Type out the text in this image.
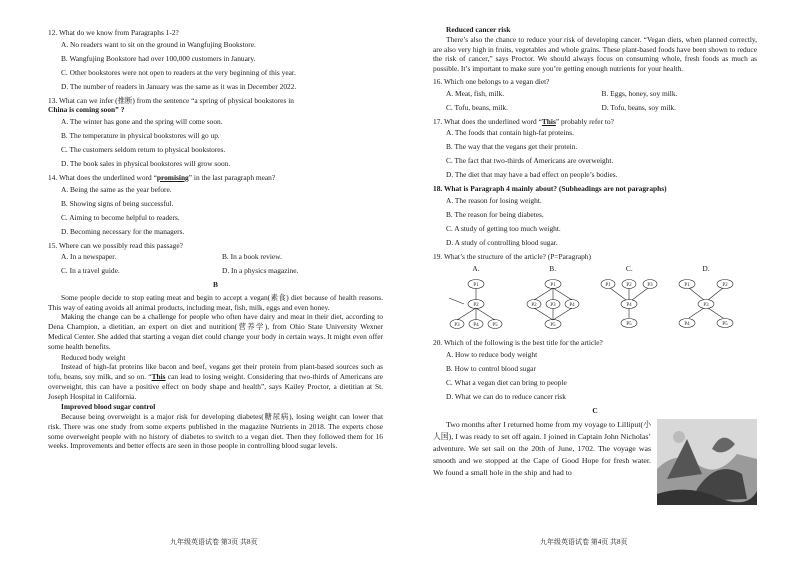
12. What do we know from Paragraphs 1-2?
A. No readers want to sit on the ground in Wangfujing Bookstore.
B. Wangfujing Bookstore had over 100,000 customers in January.
C. Other bookstores were not open to readers at the very beginning of this year.
D. The number of readers in January was the same as it was in December 2022.
13. What can we infer (推断) from the sentence “a spring of physical bookstores in
China is coming soon” ?
A. The winter has gone and the spring will come soon.
B. The temperature in physical bookstores will go up.
C. The customers seldom return to physical bookstores.
D. The book sales in physical bookstores will grow soon.
14. What does the underlined word “promising” in the last paragraph mean?
A. Being the same as the year before.
B. Showing signs of being successful.
C. Aiming to become helpful to readers.
D. Becoming necessary for the managers.
15. Where can we possibly read this passage?
A. In a newspaper.	B. In a book review.
C. In a travel guide.	D. In a physics magazine.
B

Some people decide to stop eating meat and begin to accept a vegan(素食) diet because of health reasons. This way of eating avoids all animal products, including meat, fish, milk, eggs and even honey.

Making the change can be a challenge for people who often have dairy and meat in their diet, according to Dena Champion, a dietitian, an expert on diet and nutrition(营养学), from Ohio State University Wexner Medical Center. She added that starting a vegan diet could change your body in certain ways. It might even offer some health benefits.

Reduced body weight

Instead of high-fat proteins like bacon and beef, vegans get their protein from plant-based sources such as tofu, beans, soy milk, and so on. “This can lead to losing weight. Considering that two-thirds of Americans are overweight, this can have a positive effect on body shape and health”, says Kailey Proctor, a dietitian at St. Joseph Hospital in California.

Improved blood sugar control

Because being overweight is a major risk for developing diabetes(糖尿病), losing weight can lower that risk. There was one study from some experts published in the magazine Nutrients in 2018. The experts chose some overweight people with no history of diabetes to switch to a vegan diet. Then they followed them for 16 weeks. Improvements and better effects are seen in those people in controlling blood sugar levels.

九年级英语试卷 第3页 共8页
Reduced cancer risk

There’s also the chance to reduce your risk of developing cancer. “Vegan diets, when planned correctly, are also very high in fruits, vegetables and whole grains. These plant-based foods have been shown to reduce the risk of cancer,” says Proctor. We should always focus on consuming whole, fresh foods as much as possible. It’s important to make sure you’re getting enough nutrients for your health.

16. Which one belongs to a vegan diet?
A. Meat, fish, milk.	B. Eggs, honey, soy milk.
C. Tofu, beans, milk.	D. Tofu, beans, soy milk.
17. What does the underlined word “This” probably refer to?
A. The foods that contain high-fat proteins.
B. The way that the vegans get their protein.
C. The fact that two-thirds of Americans are overweight.
D. The diet that may have a bad effect on people’s bodies.
18. What is Paragraph 4 mainly about? (Subheadings are not paragraphs)
A. The reason for losing weight.
B. The reason for being diabetes.
C. A study of getting too much weight.
D. A study of controlling blood sugar.
19. What’s the structure of the article? (P=Paragraph)
A.
P1
P2
P3	P4	P5
B.
P1
P2	P3	P4
P5
C.
P1	P2	P3
P4
P5
D.
P1	P2
P3
P4	P5
20. Which of the following is the best title for the article?
A. How to reduce body weight
B. How to control blood sugar
C. What a vegan diet can bring to people
D. What we can do to reduce cancer risk
C

Two months after I returned home from my voyage to Lilliput(小人国), I was ready to set off again. I joined in Captain John Nicholas’ adventure. We set sail on the 20th of June, 1702. The voyage was smooth and we stopped at the Cape of Good Hope for fresh water. We found a small hole in the ship and had to

九年级英语试卷 第4页 共8页
